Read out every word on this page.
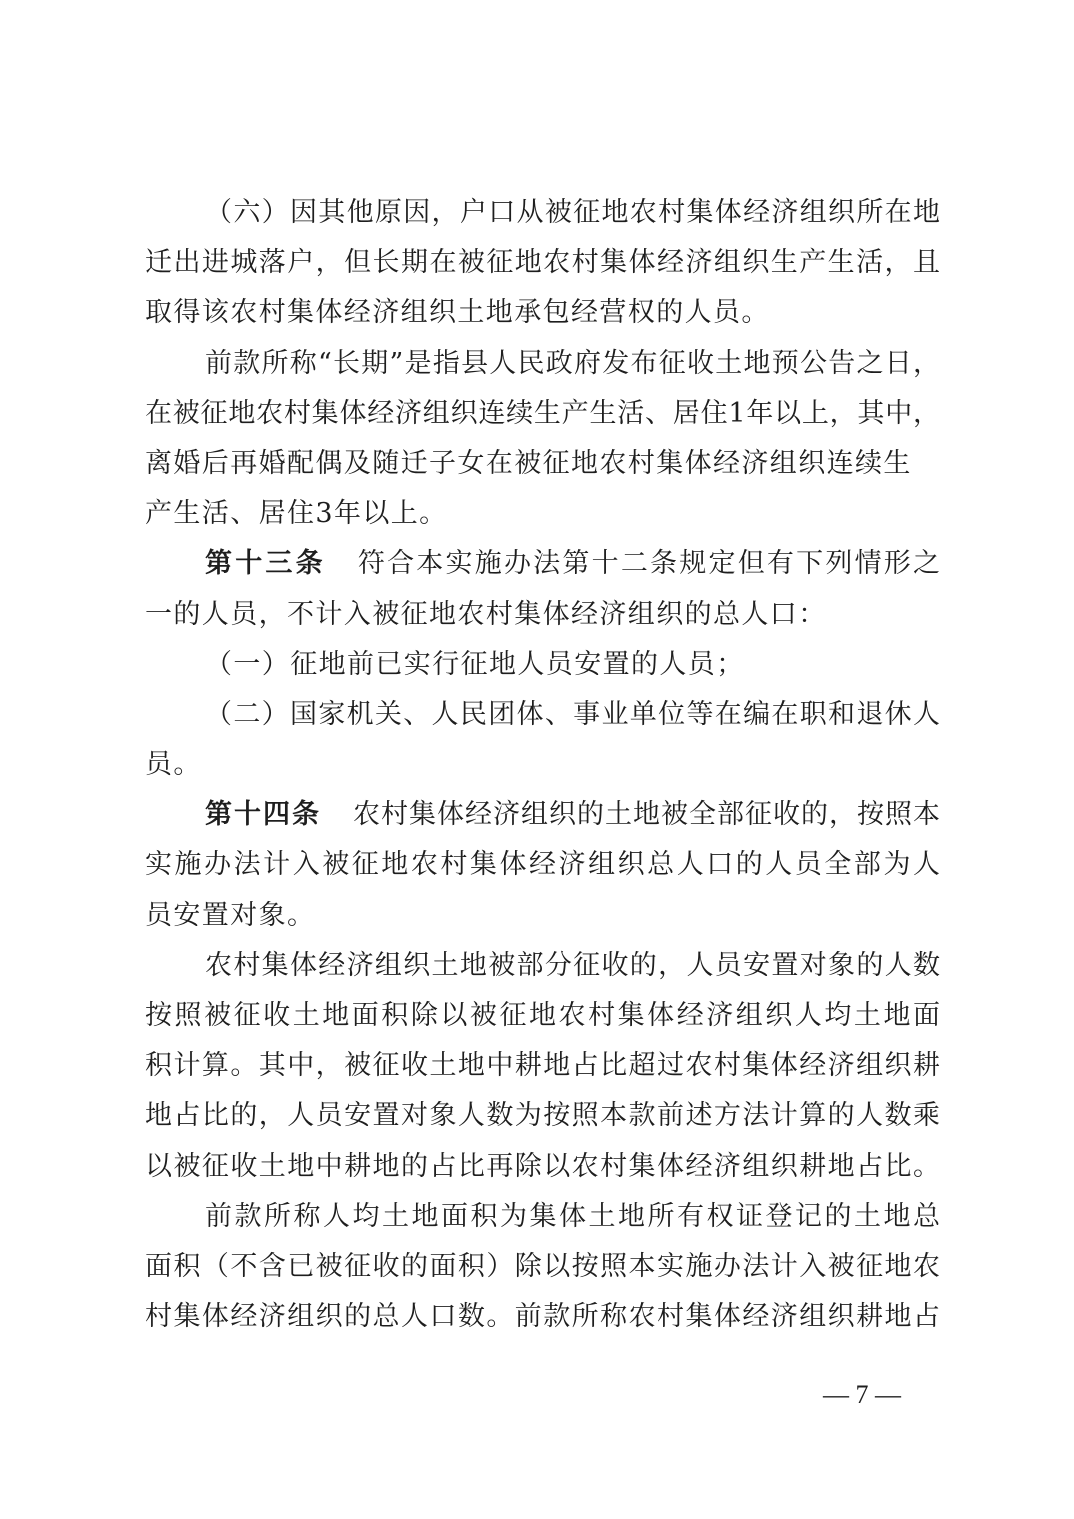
（六）因其他原因，户口从被征地农村集体经济组织所在地
迁出进城落户，但长期在被征地农村集体经济组织生产生活，且
取得该农村集体经济组织土地承包经营权的人员。
前款所称“长期”是指县人民政府发布征收土地预公告之日，
在被征地农村集体经济组织连续生产生活、居住1年以上，其中，
离婚后再婚配偶及随迁子女在被征地农村集体经济组织连续生
产生活、居住3年以上。
第十三条 符合本实施办法第十二条规定但有下列情形之
一的人员，不计入被征地农村集体经济组织的总人口：
（一）征地前已实行征地人员安置的人员；
（二）国家机关、人民团体、事业单位等在编在职和退休人
员。
第十四条 农村集体经济组织的土地被全部征收的，按照本
实施办法计入被征地农村集体经济组织总人口的人员全部为人
员安置对象。
农村集体经济组织土地被部分征收的，人员安置对象的人数
按照被征收土地面积除以被征地农村集体经济组织人均土地面
积计算。其中，被征收土地中耕地占比超过农村集体经济组织耕
地占比的，人员安置对象人数为按照本款前述方法计算的人数乘
以被征收土地中耕地的占比再除以农村集体经济组织耕地占比。
前款所称人均土地面积为集体土地所有权证登记的土地总
面积（不含已被征收的面积）除以按照本实施办法计入被征地农
村集体经济组织的总人口数。前款所称农村集体经济组织耕地占
— 7 —
